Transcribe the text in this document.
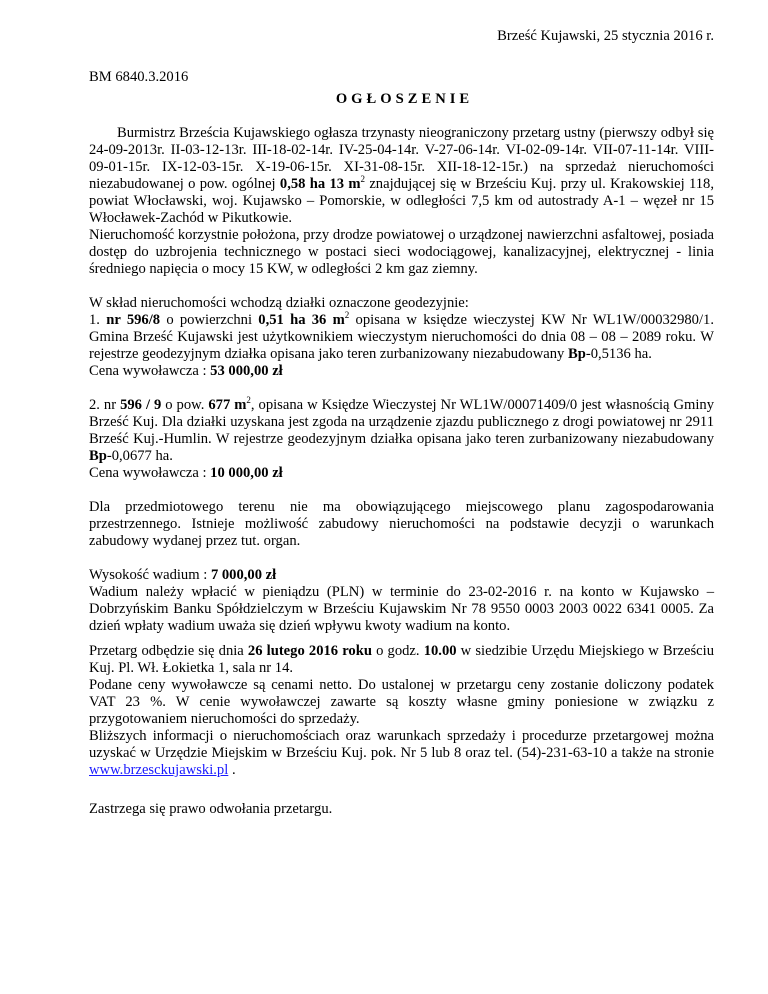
Brześć Kujawski, 25 stycznia 2016 r.
BM 6840.3.2016
OGŁOSZENIE

Burmistrz Brześcia Kujawskiego ogłasza trzynasty nieograniczony przetarg ustny (pierwszy odbył się 24-09-2013r. II-03-12-13r. III-18-02-14r. IV-25-04-14r. V-27-06-14r. VI-02-09-14r. VII-07-11-14r. VIII-09-01-15r. IX-12-03-15r. X-19-06-15r. XI-31-08-15r. XII-18-12-15r.) na sprzedaż nieruchomości niezabudowanej o pow. ogólnej 0,58 ha 13 $m^2$ znajdującej się w Brześciu Kuj. przy ul. Krakowskiej 118, powiat Włocławski, woj. Kujawsko – Pomorskie, w odległości 7,5 km od autostrady A-1 – węzeł nr 15 Włocławek-Zachód w Pikutkowie.

Nieruchomość korzystnie położona, przy drodze powiatowej o urządzonej nawierzchni asfaltowej, posiada dostęp do uzbrojenia technicznego w postaci sieci wodociągowej, kanalizacyjnej, elektrycznej - linia średniego napięcia o mocy 15 KW, w odległości 2 km gaz ziemny.

W skład nieruchomości wchodzą działki oznaczone geodezyjnie:

1. nr 596/8 o powierzchni 0,51 ha 36 $m^2$ opisana w księdze wieczystej KW Nr WL1W/00032980/1. Gmina Brześć Kujawski jest użytkownikiem wieczystym nieruchomości do dnia 08 – 08 – 2089 roku. W rejestrze geodezyjnym działka opisana jako teren zurbanizowany niezabudowany Bp-0,5136 ha.

Cena wywoławcza : 53 000,00 zł

2. nr 596 / 9 o pow. 677 $m^2$, opisana w Księdze Wieczystej Nr WL1W/00071409/0 jest własnością Gminy Brześć Kuj. Dla działki uzyskana jest zgoda na urządzenie zjazdu publicznego z drogi powiatowej nr 2911 Brześć Kuj.-Humlin. W rejestrze geodezyjnym działka opisana jako teren zurbanizowany niezabudowany Bp-0,0677 ha.

Cena wywoławcza : 10 000,00 zł

Dla przedmiotowego terenu nie ma obowiązującego miejscowego planu zagospodarowania przestrzennego. Istnieje możliwość zabudowy nieruchomości na podstawie decyzji o warunkach zabudowy wydanej przez tut. organ.

Wysokość wadium : 7 000,00 zł

Wadium należy wpłacić w pieniądzu (PLN) w terminie do 23-02-2016 r. na konto w Kujawsko – Dobrzyńskim Banku Spółdzielczym w Brześciu Kujawskim Nr 78 9550 0003 2003 0022 6341 0005. Za dzień wpłaty wadium uważa się dzień wpływu kwoty wadium na konto.

Przetarg odbędzie się dnia 26 lutego 2016 roku o godz. 10.00 w siedzibie Urzędu Miejskiego w Brześciu Kuj. Pl. Wł. Łokietka 1, sala nr 14.

Podane ceny wywoławcze są cenami netto. Do ustalonej w przetargu ceny zostanie doliczony podatek VAT 23 %. W cenie wywoławczej zawarte są koszty własne gminy poniesione w związku z przygotowaniem nieruchomości do sprzedaży.

Bliższych informacji o nieruchomościach oraz warunkach sprzedaży i procedurze przetargowej można uzyskać w Urzędzie Miejskim w Brześciu Kuj. pok. Nr 5 lub 8 oraz tel. (54)-231-63-10 a także na stronie www.brzesckujawski.pl .

Zastrzega się prawo odwołania przetargu.
